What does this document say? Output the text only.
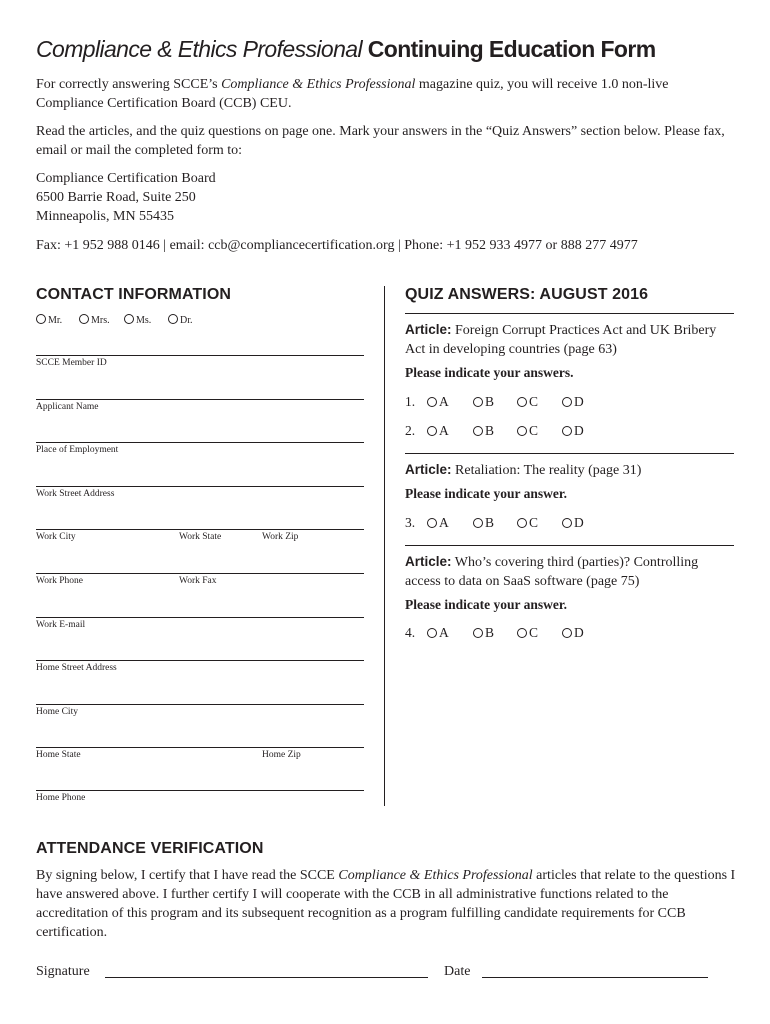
Compliance & Ethics Professional Continuing Education Form
For correctly answering SCCE’s Compliance & Ethics Professional magazine quiz, you will receive 1.0 non-live Compliance Certification Board (CCB) CEU.
Read the articles, and the quiz questions on page one. Mark your answers in the “Quiz Answers” section below. Please fax, email or mail the completed form to:
Compliance Certification Board
6500 Barrie Road, Suite 250
Minneapolis, MN 55435
Fax: +1 952 988 0146 | email: ccb@compliancecertification.org | Phone: +1 952 933 4977 or 888 277 4977
CONTACT INFORMATION
Mr.	Mrs.	Ms.	Dr.
SCCE Member ID
Applicant Name
Place of Employment
Work Street Address
Work City	Work State	Work Zip
Work Phone	Work Fax
Work E-mail
Home Street Address
Home City
Home State	Home Zip
Home Phone
QUIZ ANSWERS: AUGUST 2016
Article: Foreign Corrupt Practices Act and UK Bribery Act in developing countries (page 63)
Please indicate your answers.
1.	A	B	C	D
2.	A	B	C	D
Article: Retaliation: The reality (page 31)
Please indicate your answer.
3.	A	B	C	D
Article: Who’s covering third (parties)? Controlling access to data on SaaS software (page 75)
Please indicate your answer.
4.	A	B	C	D
ATTENDANCE VERIFICATION
By signing below, I certify that I have read the SCCE Compliance & Ethics Professional articles that relate to the questions I have answered above. I further certify I will cooperate with the CCB in all administrative functions related to the accreditation of this program and its subsequent recognition as a program fulfilling candidate requirements for CCB certification.
Signature	Date
